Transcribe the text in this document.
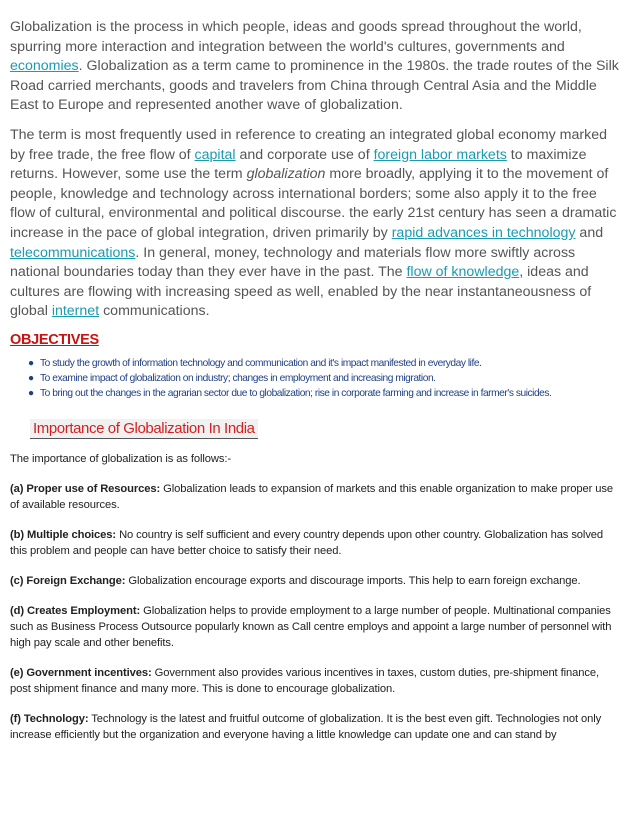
Globalization is the process in which people, ideas and goods spread throughout the world, spurring more interaction and integration between the world's cultures, governments and economies. Globalization as a term came to prominence in the 1980s. the trade routes of the Silk Road carried merchants, goods and travelers from China through Central Asia and the Middle East to Europe and represented another wave of globalization.

The term is most frequently used in reference to creating an integrated global economy marked by free trade, the free flow of capital and corporate use of foreign labor markets to maximize returns. However, some use the term globalization more broadly, applying it to the movement of people, knowledge and technology across international borders; some also apply it to the free flow of cultural, environmental and political discourse. the early 21st century has seen a dramatic increase in the pace of global integration, driven primarily by rapid advances in technology and telecommunications. In general, money, technology and materials flow more swiftly across national boundaries today than they ever have in the past. The flow of knowledge, ideas and cultures are flowing with increasing speed as well, enabled by the near instantaneousness of global internet communications.

OBJECTIVES
● To study the growth of information technology and communication and it's impact manifested in everyday life.
● To examine impact of globalization on industry; changes in employment and increasing migration.
● To bring out the changes in the agrarian sector due to globalization; rise in corporate farming and increase in farmer's suicides.
Importance of Globalization In India

The importance of globalization is as follows:-

(a) Proper use of Resources: Globalization leads to expansion of markets and this enable organization to make proper use of available resources.

(b) Multiple choices: No country is self sufficient and every country depends upon other country. Globalization has solved this problem and people can have better choice to satisfy their need.

(c) Foreign Exchange: Globalization encourage exports and discourage imports. This help to earn foreign exchange.

(d) Creates Employment: Globalization helps to provide employment to a large number of people. Multinational companies such as Business Process Outsource popularly known as Call centre employs and appoint a large number of personnel with high pay scale and other benefits.

(e) Government incentives: Government also provides various incentives in taxes, custom duties, pre-shipment finance, post shipment finance and many more. This is done to encourage globalization.

(f) Technology: Technology is the latest and fruitful outcome of globalization. It is the best even gift. Technologies not only increase efficiently but the organization and everyone having a little knowledge can update one and can stand by
